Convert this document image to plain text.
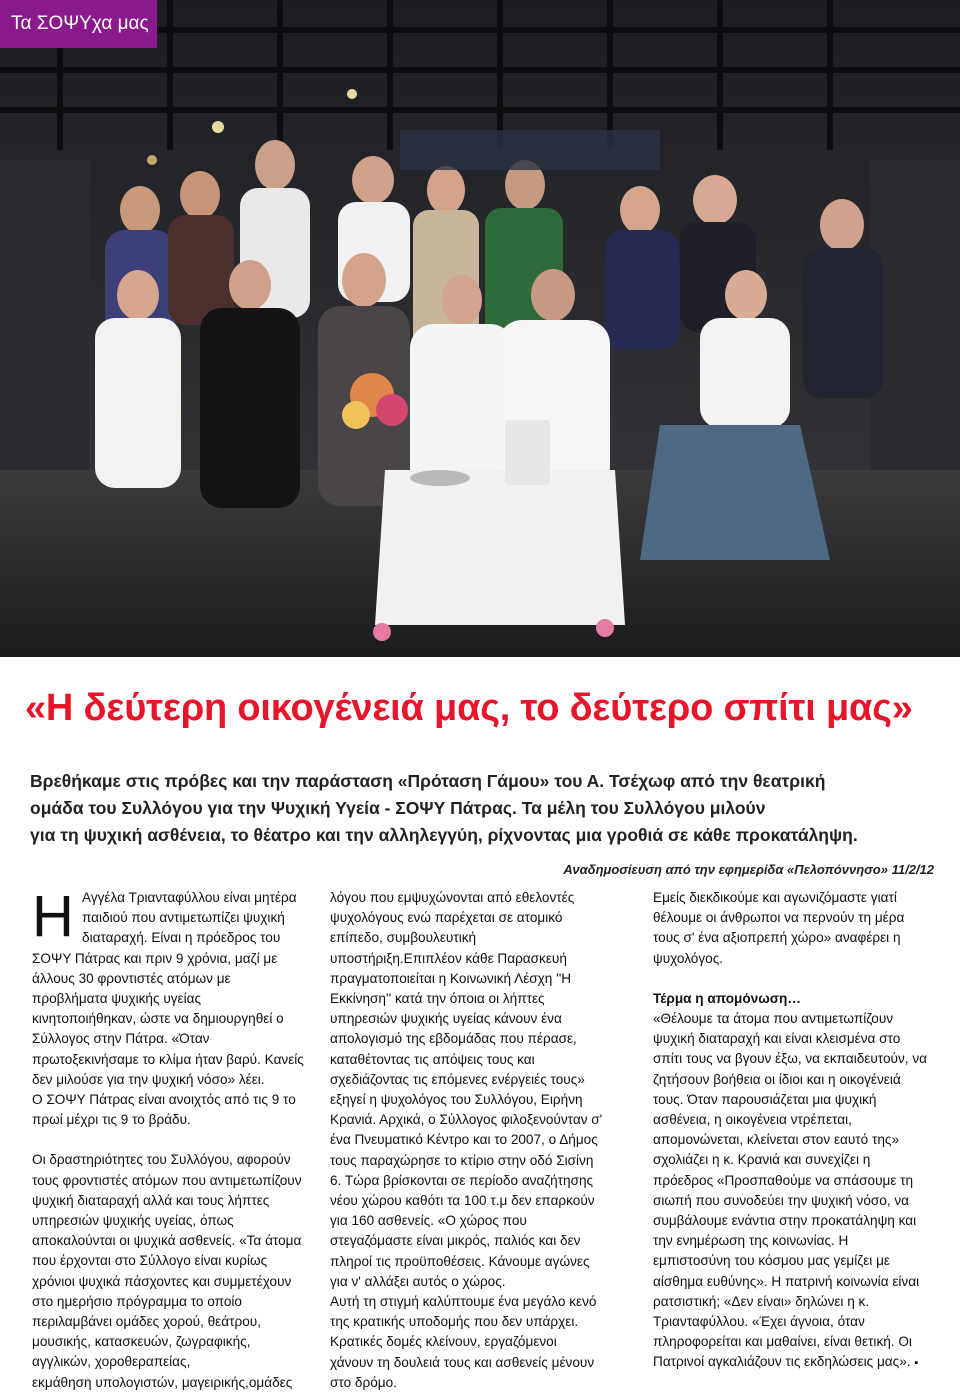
Τα ΣΟΨΥχα μας
«Η δεύτερη οικογένειά μας, το δεύτερο σπίτι μας»

Βρεθήκαμε στις πρόβες και την παράσταση «Πρόταση Γάμου» του Α. Τσέχωφ από την θεατρική

ομάδα του Συλλόγου για την Ψυχική Υγεία - ΣΟΨΥ Πάτρας. Τα μέλη του Συλλόγου μιλούν

για τη ψυχική ασθένεια, το θέατρο και την αλληλεγγύη, ρίχνοντας μια γροθιά σε κάθε προκατάληψη.

Αναδημοσίευση από την εφημερίδα «Πελοπόννησο» 11/2/12
Η Αγγέλα Τριανταφύλλου είναι μητέρα

παιδιού που αντιμετωπίζει ψυχική

διαταραχή. Είναι η πρόεδρος του

ΣΟΨΥ Πάτρας και πριν 9 χρόνια, μαζί με

άλλους 30 φροντιστές ατόμων με

προβλήματα ψυχικής υγείας

κινητοποιήθηκαν, ώστε να δημιουργηθεί ο

Σύλλογος στην Πάτρα. «Όταν

πρωτοξεκινήσαμε το κλίμα ήταν βαρύ. Κανείς

δεν μιλούσε για την ψυχική νόσο» λέει.

Ο ΣΟΨΥ Πάτρας είναι ανοιχτός από τις 9 το

πρωί μέχρι τις 9 το βράδυ.

Οι δραστηριότητες του Συλλόγου, αφορούν

τους φροντιστές ατόμων που αντιμετωπίζουν

ψυχική διαταραχή αλλά και τους λήπτες

υπηρεσιών ψυχικής υγείας, όπως

αποκαλούνται οι ψυχικά ασθενείς. «Τα άτομα

που έρχονται στο Σύλλογο είναι κυρίως

χρόνιοι ψυχικά πάσχοντες και συμμετέχουν

στο ημερήσιο πρόγραμμα το οποίο

περιλαμβάνει ομάδες χορού, θεάτρου,

μουσικής, κατασκευών, ζωγραφικής,

αγγλικών, χοροθεραπείας,

εκμάθηση υπολογιστών, μαγειρικής,ομάδες

λόγου που εμψυχώνονται από εθελοντές

ψυχολόγους ενώ παρέχεται σε ατομικό

επίπεδο, συμβουλευτική

υποστήριξη.Επιπλέον κάθε Παρασκευή

πραγματοποιείται η Κοινωνική Λέσχη ''Η

Εκκίνηση'' κατά την όποια οι λήπτες

υπηρεσιών ψυχικής υγείας κάνουν ένα

απολογισμό της εβδομάδας που πέρασε,

καταθέτοντας τις απόψεις τους και

σχεδιάζοντας τις επόμενες ενέργειές τους»

εξηγεί η ψυχολόγος του Συλλόγου, Ειρήνη

Κρανιά. Αρχικά, ο Σύλλογος φιλοξενούνταν σ'

ένα Πνευματικό Κέντρο και το 2007, ο Δήμος

τους παραχώρησε το κτίριο στην οδό Σισίνη

6. Τώρα βρίσκονται σε περίοδο αναζήτησης

νέου χώρου καθότι τα 100 τ.μ δεν επαρκούν

για 160 ασθενείς. «Ο χώρος που

στεγαζόμαστε είναι μικρός, παλιός και δεν

πληροί τις προϋποθέσεις. Κάνουμε αγώνες

για ν' αλλάξει αυτός ο χώρος.

Αυτή τη στιγμή καλύπτουμε ένα μεγάλο κενό

της κρατικής υποδομής που δεν υπάρχει.

Κρατικές δομές κλείνουν, εργαζόμενοι

χάνουν τη δουλειά τους και ασθενείς μένουν

στο δρόμο.

Εμείς διεκδικούμε και αγωνιζόμαστε γιατί

θέλουμε οι άνθρωποι να περνούν τη μέρα

τους σ' ένα αξιοπρεπή χώρο» αναφέρει η

ψυχολόγος.

Τέρμα η απομόνωση…

«Θέλουμε τα άτομα που αντιμετωπίζουν

ψυχική διαταραχή και είναι κλεισμένα στο

σπίτι τους να βγουν έξω, να εκπαιδευτούν, να

ζητήσουν βοήθεια οι ίδιοι και η οικογένειά

τους. Όταν παρουσιάζεται μια ψυχική

ασθένεια, η οικογένεια ντρέπεται,

απομονώνεται, κλείνεται στον εαυτό της»

σχολιάζει η κ. Κρανιά και συνεχίζει η

πρόεδρος «Προσπαθούμε να σπάσουμε τη

σιωπή που συνοδεύει την ψυχική νόσο, να

συμβάλουμε ενάντια στην προκατάληψη και

την ενημέρωση της κοινωνίας. Η

εμπιστοσύνη του κόσμου μας γεμίζει με

αίσθημα ευθύνης». Η πατρινή κοινωνία είναι

ρατσιστική; «Δεν είναι» δηλώνει η κ.

Τριανταφύλλου. «Έχει άγνοια, όταν

πληροφορείται και μαθαίνει, είναι θετική. Οι

Πατρινοί αγκαλιάζουν τις εκδηλώσεις μας». ▪
